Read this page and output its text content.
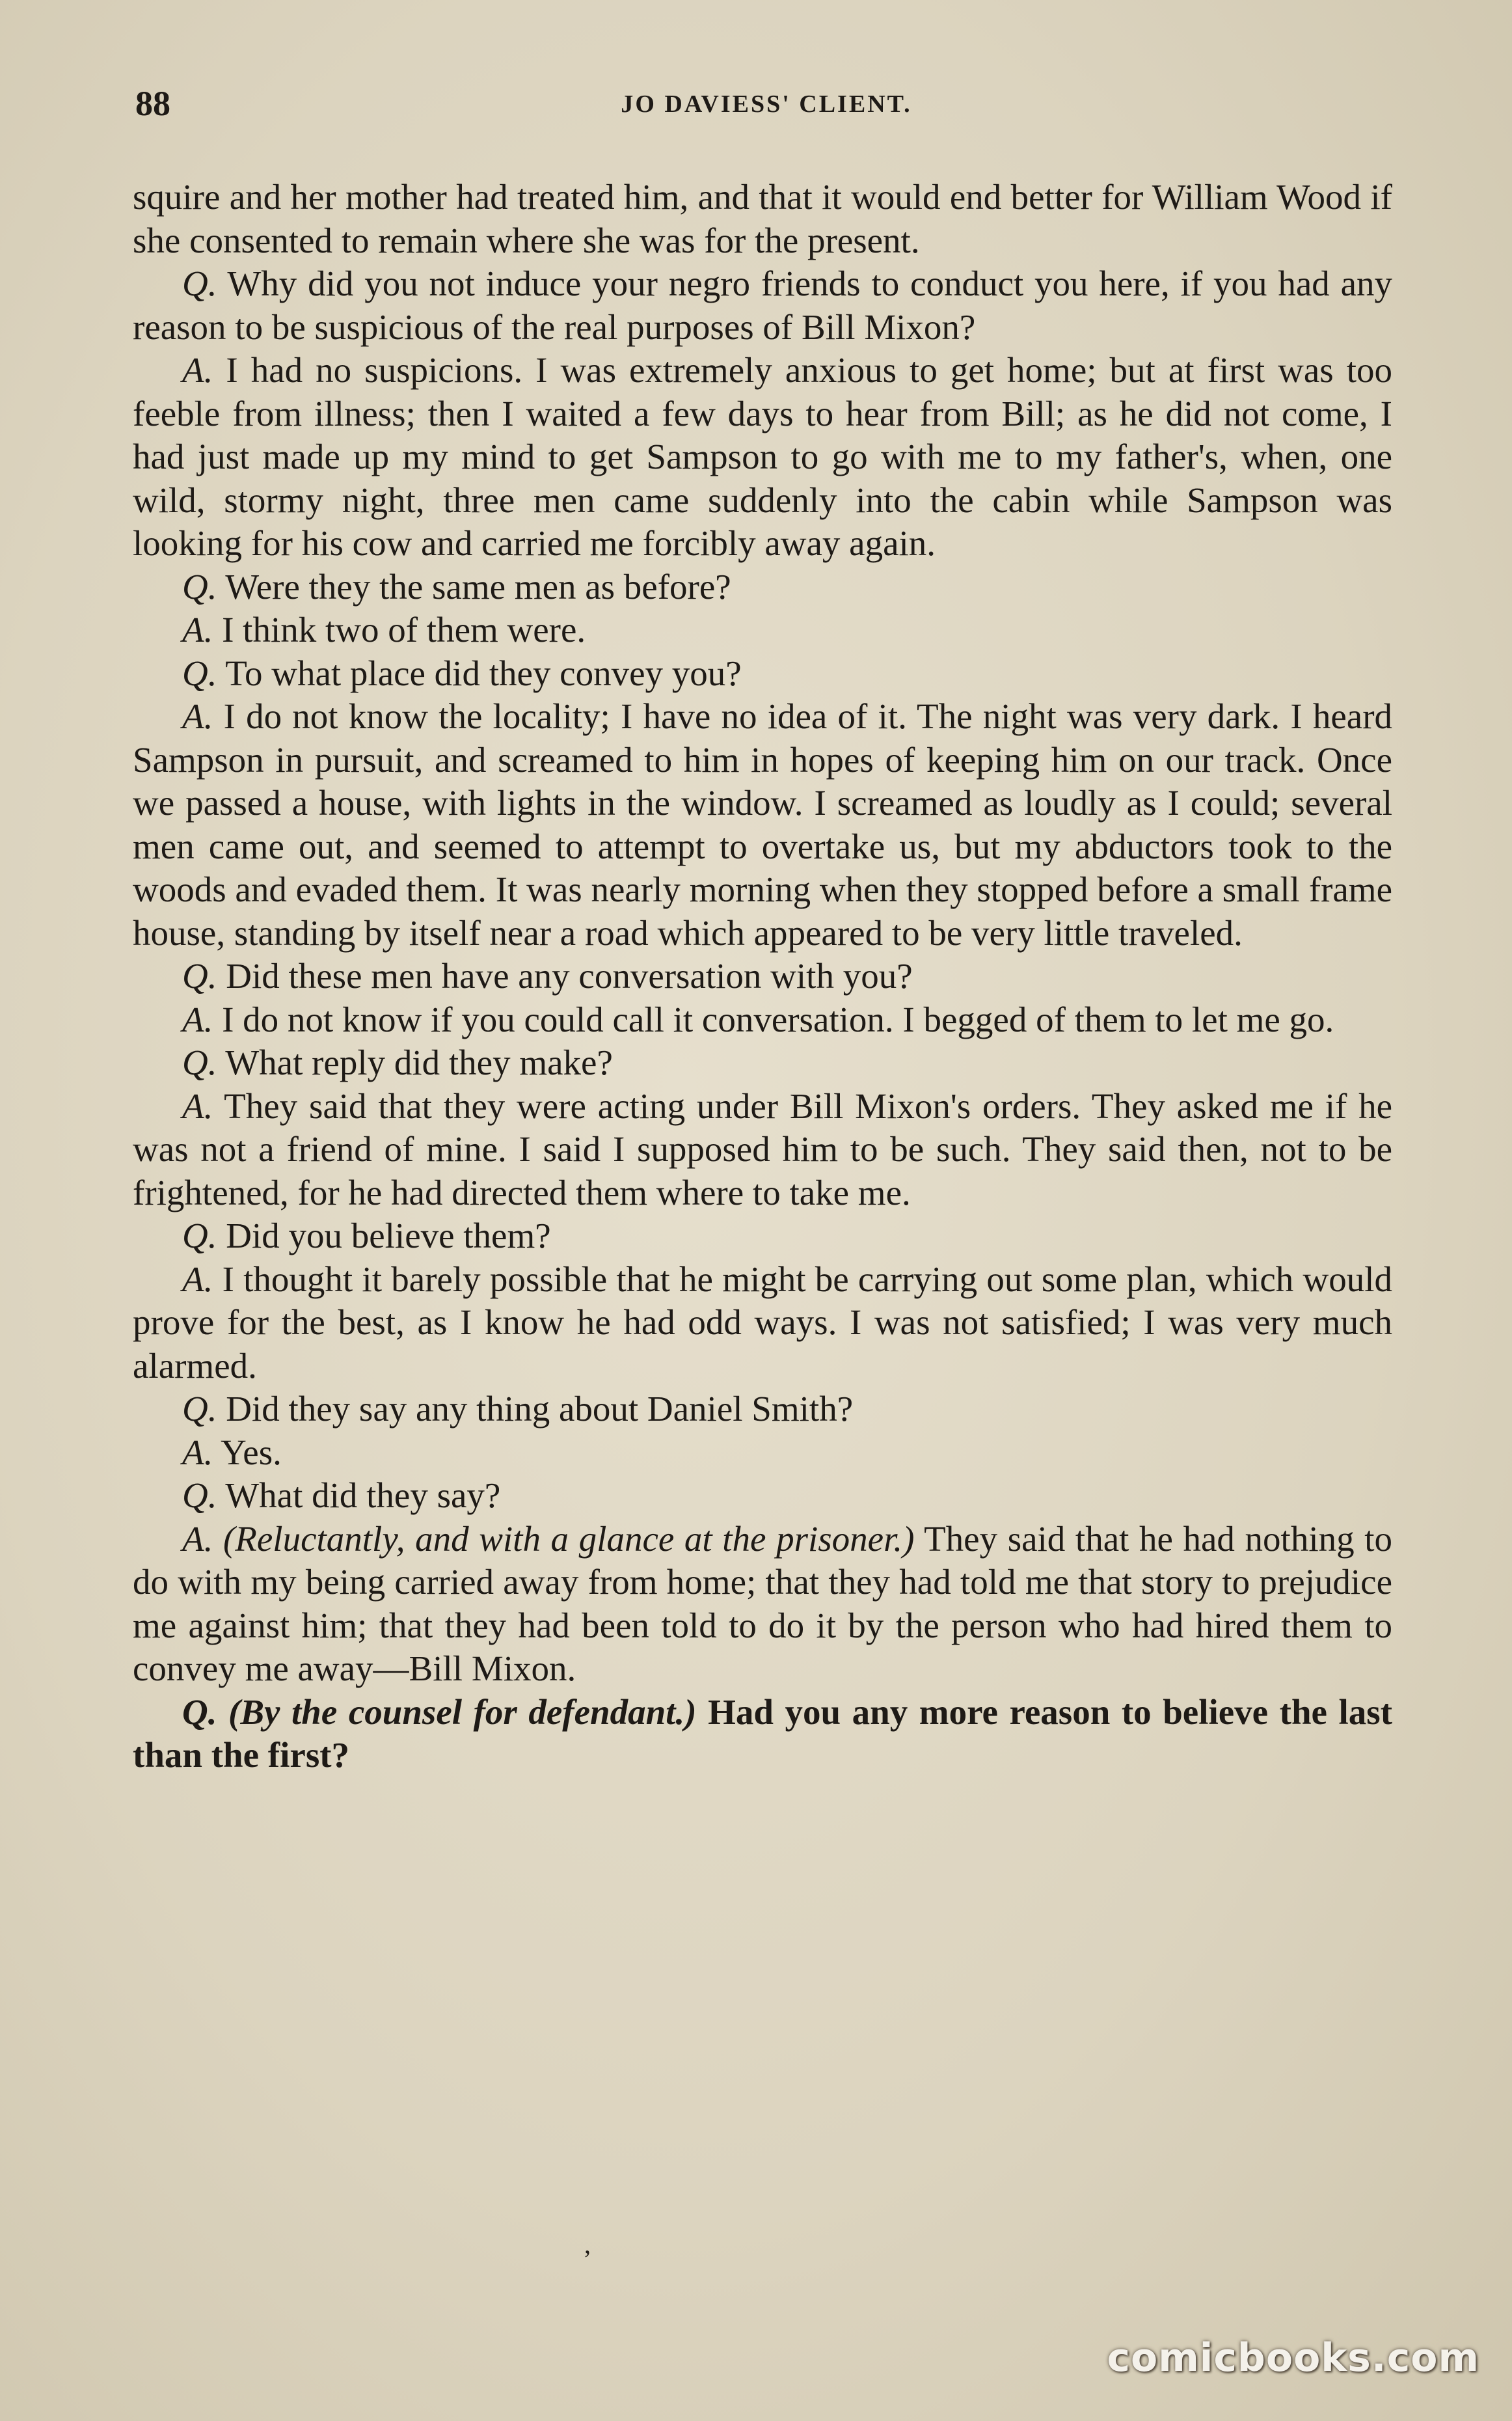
88	JO DAVIESS' CLIENT.

squire and her mother had treated him, and that it would end better for William Wood if she consented to remain where she was for the present.

Q. Why did you not induce your negro friends to conduct you here, if you had any reason to be suspicious of the real purposes of Bill Mixon?

A. I had no suspicions. I was extremely anxious to get home; but at first was too feeble from illness; then I waited a few days to hear from Bill; as he did not come, I had just made up my mind to get Sampson to go with me to my father's, when, one wild, stormy night, three men came suddenly into the cabin while Sampson was looking for his cow and carried me forcibly away again.

Q. Were they the same men as before?

A. I think two of them were.

Q. To what place did they convey you?

A. I do not know the locality; I have no idea of it. The night was very dark. I heard Sampson in pursuit, and screamed to him in hopes of keeping him on our track. Once we passed a house, with lights in the window. I screamed as loudly as I could; several men came out, and seemed to attempt to overtake us, but my abductors took to the woods and evaded them. It was nearly morning when they stopped before a small frame house, standing by itself near a road which appeared to be very little traveled.

Q. Did these men have any conversation with you?

A. I do not know if you could call it conversation. I begged of them to let me go.

Q. What reply did they make?

A. They said that they were acting under Bill Mixon's orders. They asked me if he was not a friend of mine. I said I supposed him to be such. They said then, not to be frightened, for he had directed them where to take me.

Q. Did you believe them?

A. I thought it barely possible that he might be carrying out some plan, which would prove for the best, as I know he had odd ways. I was not satisfied; I was very much alarmed.

Q. Did they say any thing about Daniel Smith?

A. Yes.

Q. What did they say?

A. (Reluctantly, and with a glance at the prisoner.) They said that he had nothing to do with my being carried away from home; that they had told me that story to prejudice me against him; that they had been told to do it by the person who had hired them to convey me away—Bill Mixon.

Q. (By the counsel for defendant.) Had you any more reason to believe the last than the first?

ʼ
comicbooks.com
